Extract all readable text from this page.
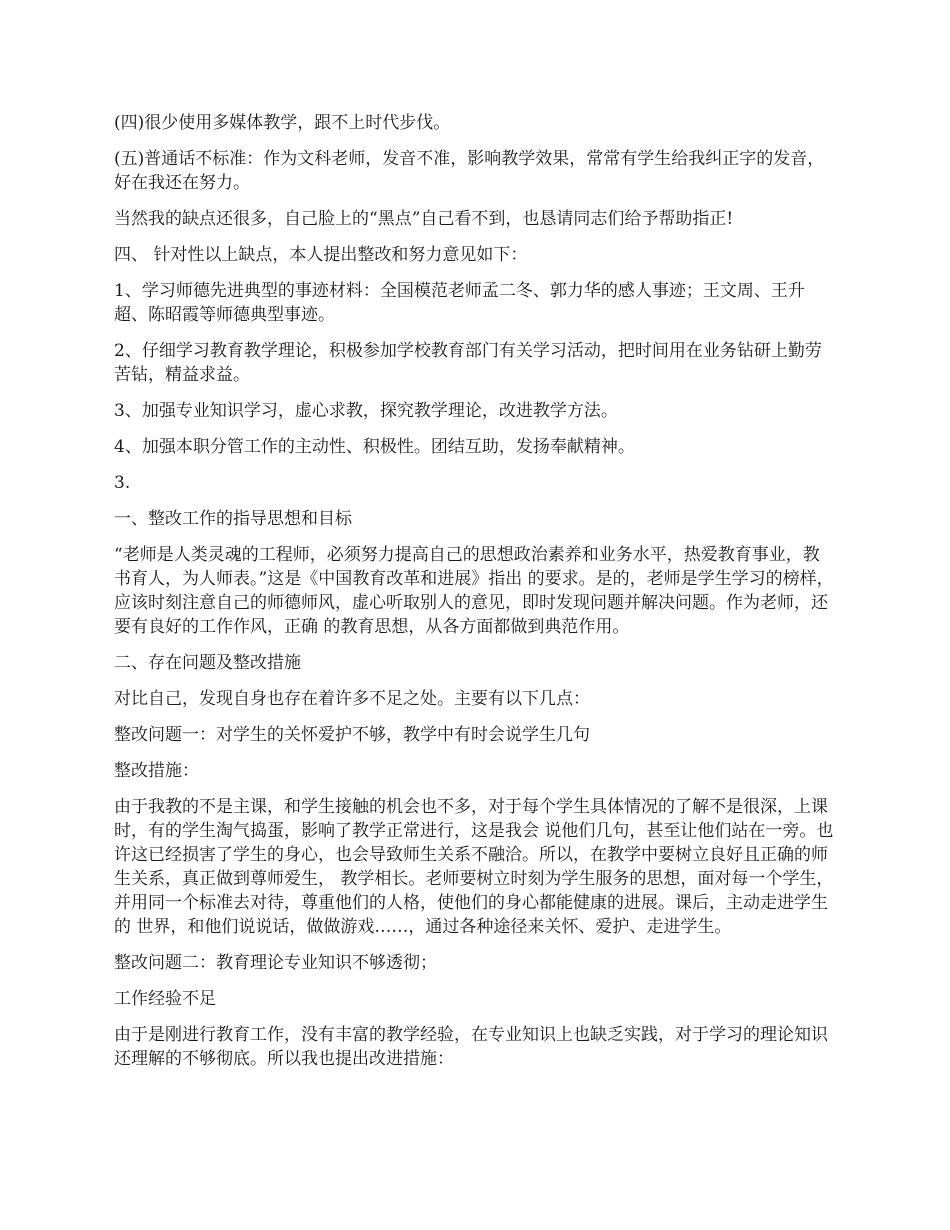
(四)很少使用多媒体教学，跟不上时代步伐。

(五)普通话不标准：作为文科老师，发音不准，影响教学效果，常常有学生给我纠正字的发音，好在我还在努力。

当然我的缺点还很多，自己脸上的“黑点”自己看不到，也恳请同志们给予帮助指正!

四、 针对性以上缺点，本人提出整改和努力意见如下：

1、学习师德先进典型的事迹材料：全国模范老师孟二冬、郭力华的感人事迹；王文周、王升超、陈昭霞等师德典型事迹。

2、仔细学习教育教学理论，积极参加学校教育部门有关学习活动，把时间用在业务钻研上勤劳苦钻，精益求益。

3、加强专业知识学习，虚心求教，探究教学理论，改进教学方法。

4、加强本职分管工作的主动性、积极性。团结互助，发扬奉献精神。

3.

一、整改工作的指导思想和目标

“老师是人类灵魂的工程师，必须努力提高自己的思想政治素养和业务水平，热爱教育事业，教书育人，为人师表。”这是《中国教育改革和进展》指出 的要求。是的，老师是学生学习的榜样，应该时刻注意自己的师德师风，虚心听取别人的意见，即时发现问题并解决问题。作为老师，还要有良好的工作作风，正确 的教育思想，从各方面都做到典范作用。

二、存在问题及整改措施

对比自己，发现自身也存在着许多不足之处。主要有以下几点：

整改问题一：对学生的关怀爱护不够，教学中有时会说学生几句

整改措施：

由于我教的不是主课，和学生接触的机会也不多，对于每个学生具体情况的了解不是很深，上课时，有的学生淘气捣蛋，影响了教学正常进行，这是我会 说他们几句，甚至让他们站在一旁。也许这已经损害了学生的身心，也会导致师生关系不融洽。所以，在教学中要树立良好且正确的师生关系，真正做到尊师爱生， 教学相长。老师要树立时刻为学生服务的思想，面对每一个学生，并用同一个标准去对待，尊重他们的人格，使他们的身心都能健康的进展。课后，主动走进学生的 世界，和他们说说话，做做游戏……，通过各种途径来关怀、爱护、走进学生。

整改问题二：教育理论专业知识不够透彻；

工作经验不足

由于是刚进行教育工作，没有丰富的教学经验，在专业知识上也缺乏实践，对于学习的理论知识还理解的不够彻底。所以我也提出改进措施：
